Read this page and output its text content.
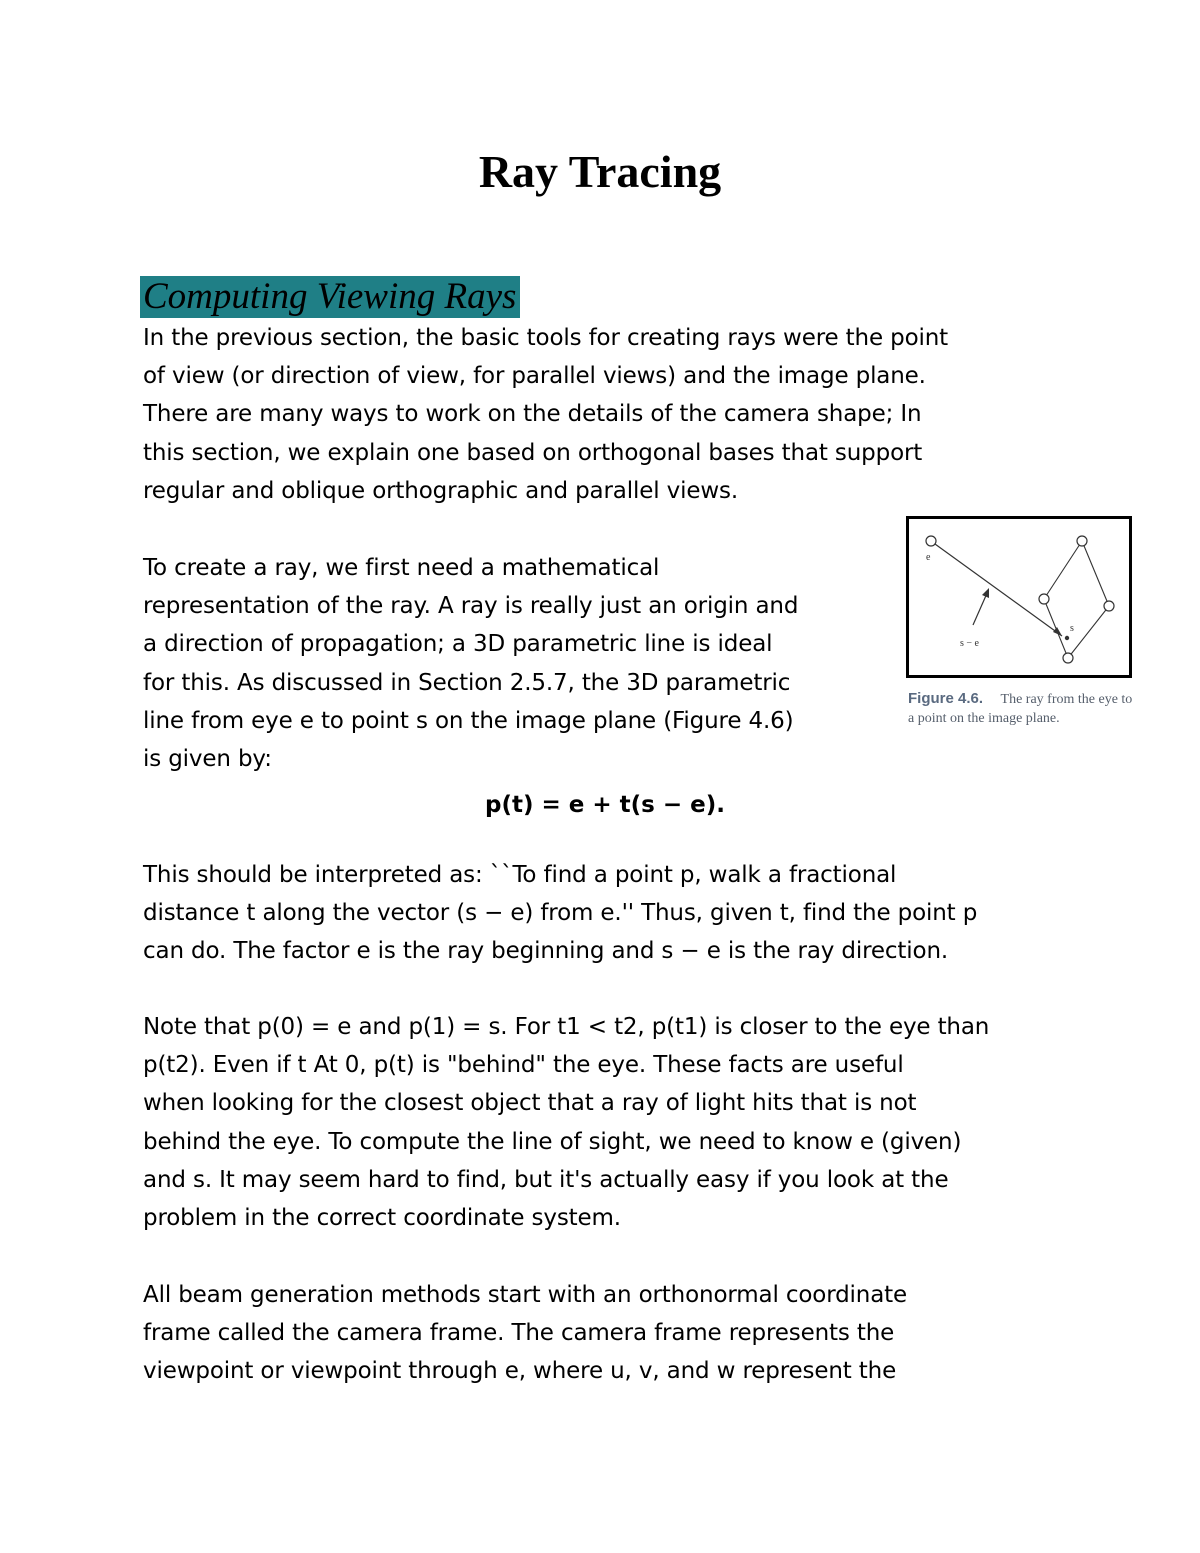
Ray Tracing
Computing Viewing Rays
In the previous section, the basic tools for creating rays were the point
of view (or direction of view, for parallel views) and the image plane.
There are many ways to work on the details of the camera shape; In
this section, we explain one based on orthogonal bases that support
regular and oblique orthographic and parallel views.
To create a ray, we first need a mathematical
representation of the ray. A ray is really just an origin and
a direction of propagation; a 3D parametric line is ideal
for this. As discussed in Section 2.5.7, the 3D parametric
line from eye e to point s on the image plane (Figure 4.6)
is given by:
p(t) = e + t(s − e).
This should be interpreted as: ``To find a point p, walk a fractional
distance t along the vector (s − e) from e.'' Thus, given t, find the point p
can do. The factor e is the ray beginning and s − e is the ray direction.
Note that p(0) = e and p(1) = s. For t1 < t2, p(t1) is closer to the eye than
p(t2). Even if t At 0, p(t) is "behind" the eye. These facts are useful
when looking for the closest object that a ray of light hits that is not
behind the eye. To compute the line of sight, we need to know e (given)
and s. It may seem hard to find, but it's actually easy if you look at the
problem in the correct coordinate system.
All beam generation methods start with an orthonormal coordinate
frame called the camera frame. The camera frame represents the
viewpoint or viewpoint through e, where u, v, and w represent the
e
s
s − e
Figure 4.6. The ray from the eye to a point on the image plane.
